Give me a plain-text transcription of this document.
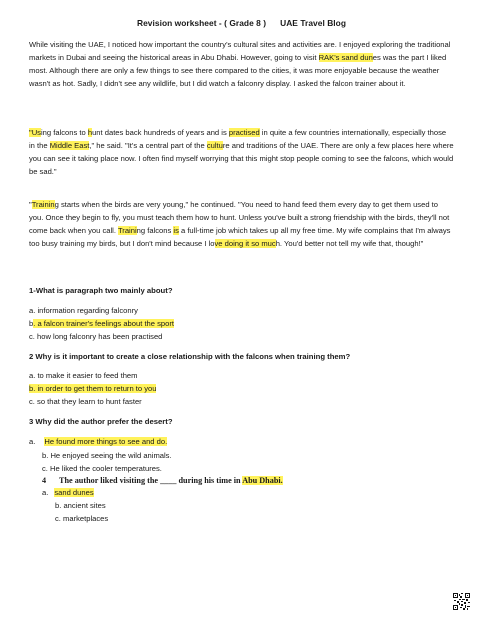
Revision worksheet - ( Grade 8 ) UAE Travel Blog

While visiting the UAE, I noticed how important the country's cultural sites and activities are. I enjoyed exploring the traditional markets in Dubai and seeing the historical areas in Abu Dhabi. However, going to visit RAK's sand dunes was the part I liked most. Although there are only a few things to see there compared to the cities, it was more enjoyable because the weather wasn't as hot. Sadly, I didn't see any wildlife, but I did watch a falconry display. I asked the falcon trainer about it.

"Using falcons to hunt dates back hundreds of years and is practised in quite a few countries internationally, especially those in the Middle East," he said. "It's a central part of the culture and traditions of the UAE. There are only a few places here where you can see it taking place now. I often find myself worrying that this might stop people coming to see the falcons, which would be sad."

"Training starts when the birds are very young," he continued. "You need to hand feed them every day to get them used to you. Once they begin to fly, you must teach them how to hunt. Unless you've built a strong friendship with the birds, they'll not come back when you call. Training falcons is a full-time job which takes up all my free time. My wife complains that I'm always too busy training my birds, but I don't mind because I love doing it so much. You'd better not tell my wife that, though!"

1-What is paragraph two mainly about?

a. information regarding falconry

b. a falcon trainer's feelings about the sport

c. how long falconry has been practised

2 Why is it important to create a close relationship with the falcons when training them?

a. to make it easier to feed them

b. in order to get them to return to you

c. so that they learn to hunt faster

3 Why did the author prefer the desert?

a. He found more things to see and do.

b. He enjoyed seeing the wild animals.

c. He liked the cooler temperatures.

4 The author liked visiting the ____ during his time in Abu Dhabi.

a. sand dunes

b. ancient sites

c. marketplaces
